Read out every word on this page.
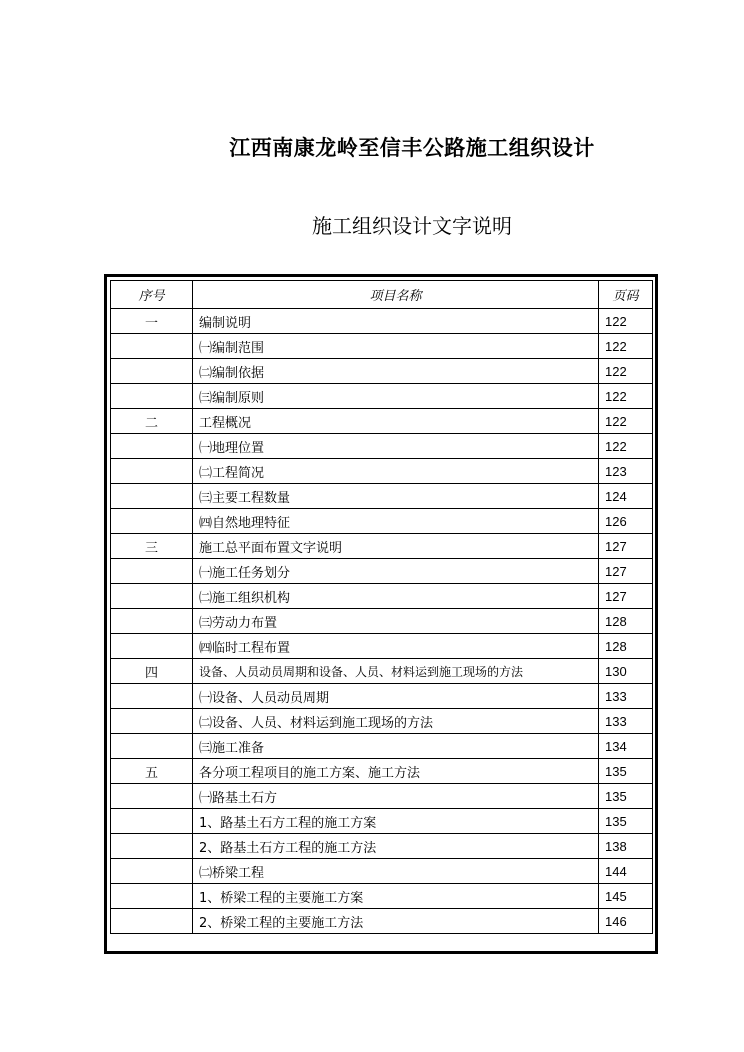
江西南康龙岭至信丰公路施工组织设计
施工组织设计文字说明
序号	项目名称	页码
一	编制说明	122
	㈠编制范围	122
	㈡编制依据	122
	㈢编制原则	122
二	工程概况	122
	㈠地理位置	122
	㈡工程简况	123
	㈢主要工程数量	124
	㈣自然地理特征	126
三	施工总平面布置文字说明	127
	㈠施工任务划分	127
	㈡施工组织机构	127
	㈢劳动力布置	128
	㈣临时工程布置	128
四	设备、人员动员周期和设备、人员、材料运到施工现场的方法	130
	㈠设备、人员动员周期	133
	㈡设备、人员、材料运到施工现场的方法	133
	㈢施工准备	134
五	各分项工程项目的施工方案、施工方法	135
	㈠路基土石方	135
	1、路基土石方工程的施工方案	135
	2、路基土石方工程的施工方法	138
	㈡桥梁工程	144
	1、桥梁工程的主要施工方案	145
	2、桥梁工程的主要施工方法	146
